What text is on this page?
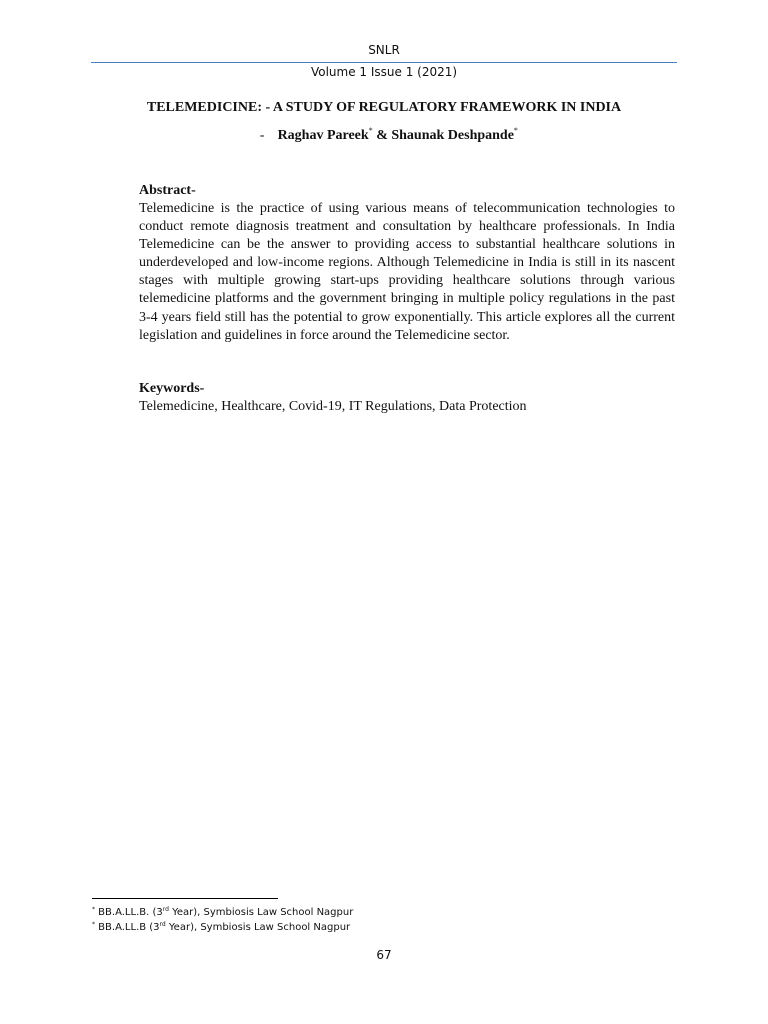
SNLR
Volume 1 Issue 1 (2021)
TELEMEDICINE: - A STUDY OF REGULATORY FRAMEWORK IN INDIA
- Raghav Pareek* & Shaunak Deshpande*
Abstract-

Telemedicine is the practice of using various means of telecommunication technologies to conduct remote diagnosis treatment and consultation by healthcare professionals. In India Telemedicine can be the answer to providing access to substantial healthcare solutions in underdeveloped and low-income regions. Although Telemedicine in India is still in its nascent stages with multiple growing start-ups providing healthcare solutions through various telemedicine platforms and the government bringing in multiple policy regulations in the past 3-4 years field still has the potential to grow exponentially. This article explores all the current legislation and guidelines in force around the Telemedicine sector.

Keywords-

Telemedicine, Healthcare, Covid-19, IT Regulations, Data Protection

* BB.A.LL.B. (3rd Year), Symbiosis Law School Nagpur
* BB.A.LL.B (3rd Year), Symbiosis Law School Nagpur
67
